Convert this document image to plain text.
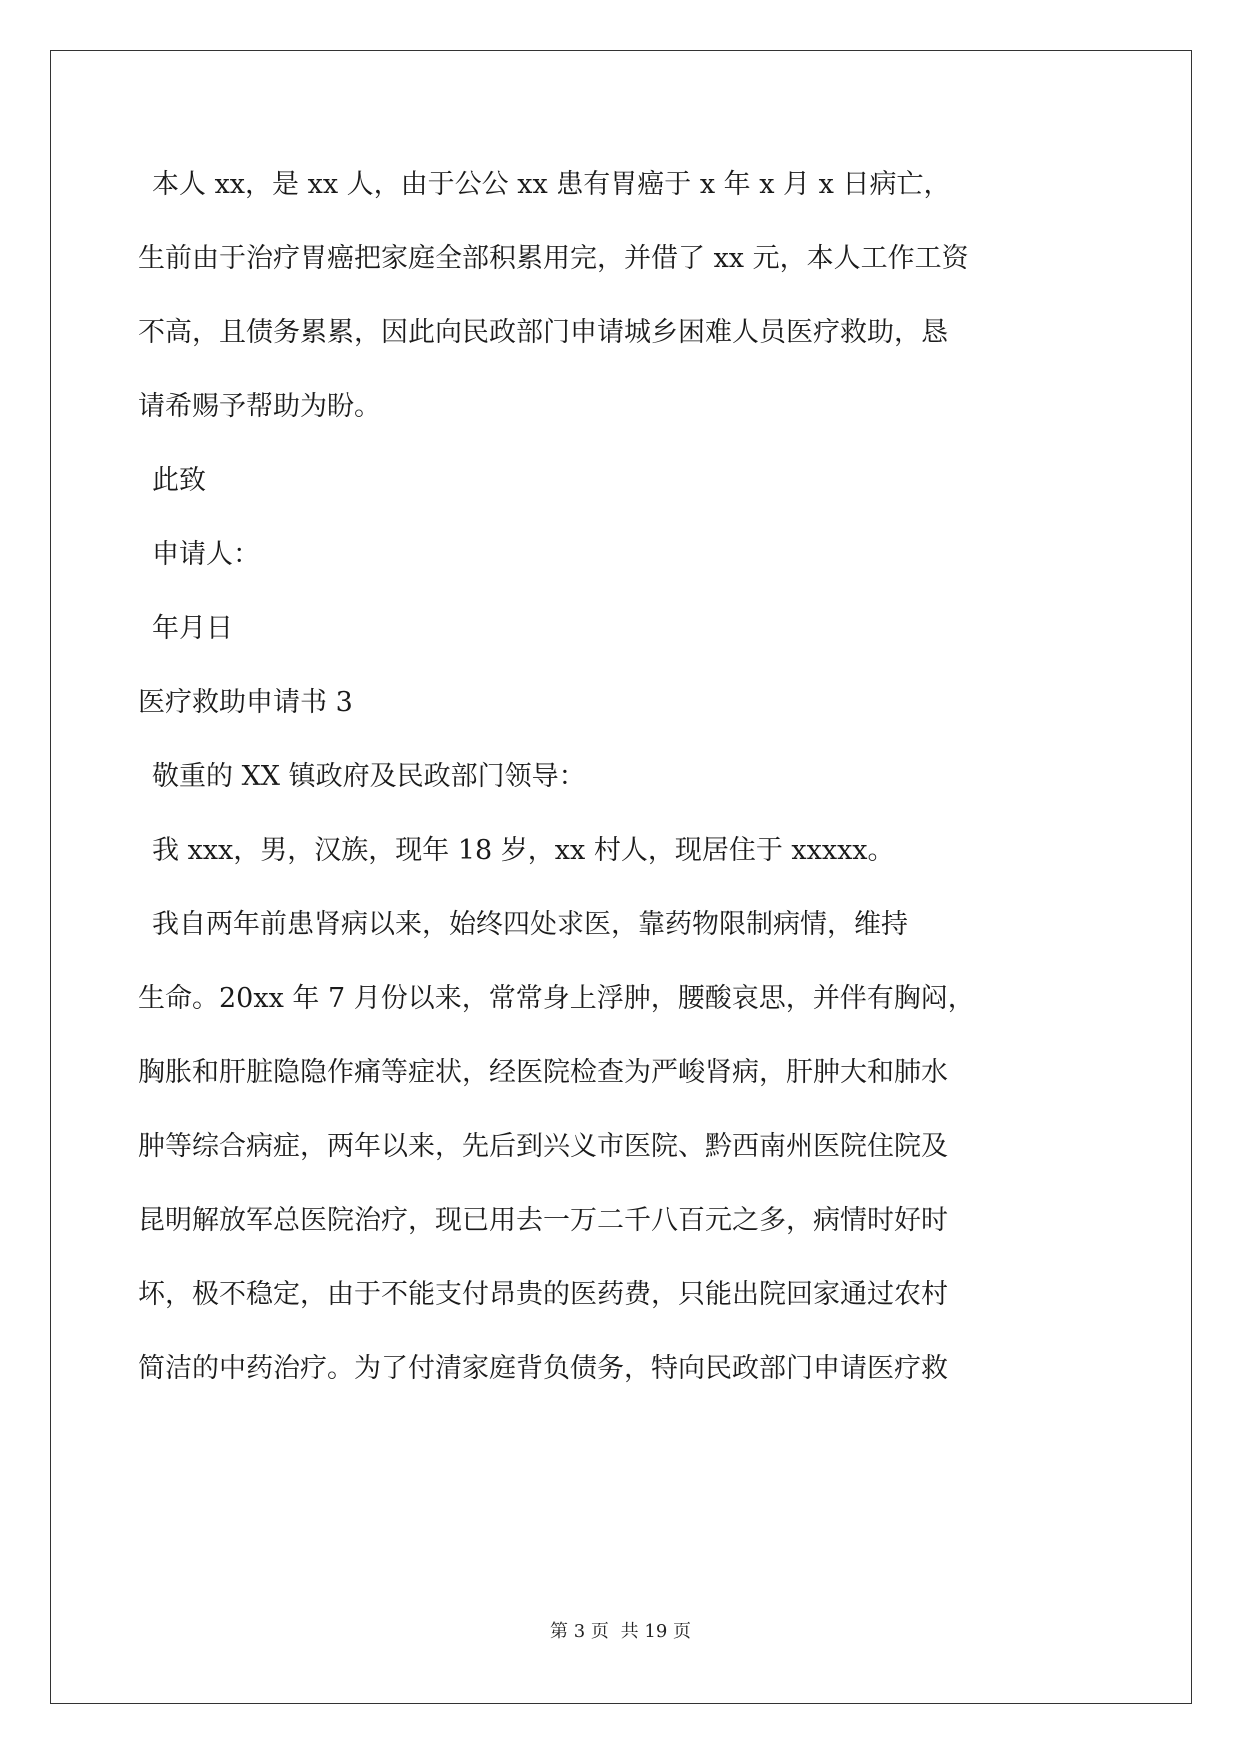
本人 xx，是 xx 人，由于公公 xx 患有胃癌于 x 年 x 月 x 日病亡，
生前由于治疗胃癌把家庭全部积累用完，并借了 xx 元，本人工作工资
不高，且债务累累，因此向民政部门申请城乡困难人员医疗救助，恳
请希赐予帮助为盼。
此致
申请人：
年月日
医疗救助申请书 3
敬重的 XX 镇政府及民政部门领导：
我 xxx，男，汉族，现年 18 岁，xx 村人，现居住于 xxxxx。
我自两年前患肾病以来，始终四处求医，靠药物限制病情，维持
生命。20xx 年 7 月份以来，常常身上浮肿，腰酸哀思，并伴有胸闷，
胸胀和肝脏隐隐作痛等症状，经医院检查为严峻肾病，肝肿大和肺水
肿等综合病症，两年以来，先后到兴义市医院、黔西南州医院住院及
昆明解放军总医院治疗，现已用去一万二千八百元之多，病情时好时
坏，极不稳定，由于不能支付昂贵的医药费，只能出院回家通过农村
简洁的中药治疗。为了付清家庭背负债务，特向民政部门申请医疗救
第 3 页 共 19 页
